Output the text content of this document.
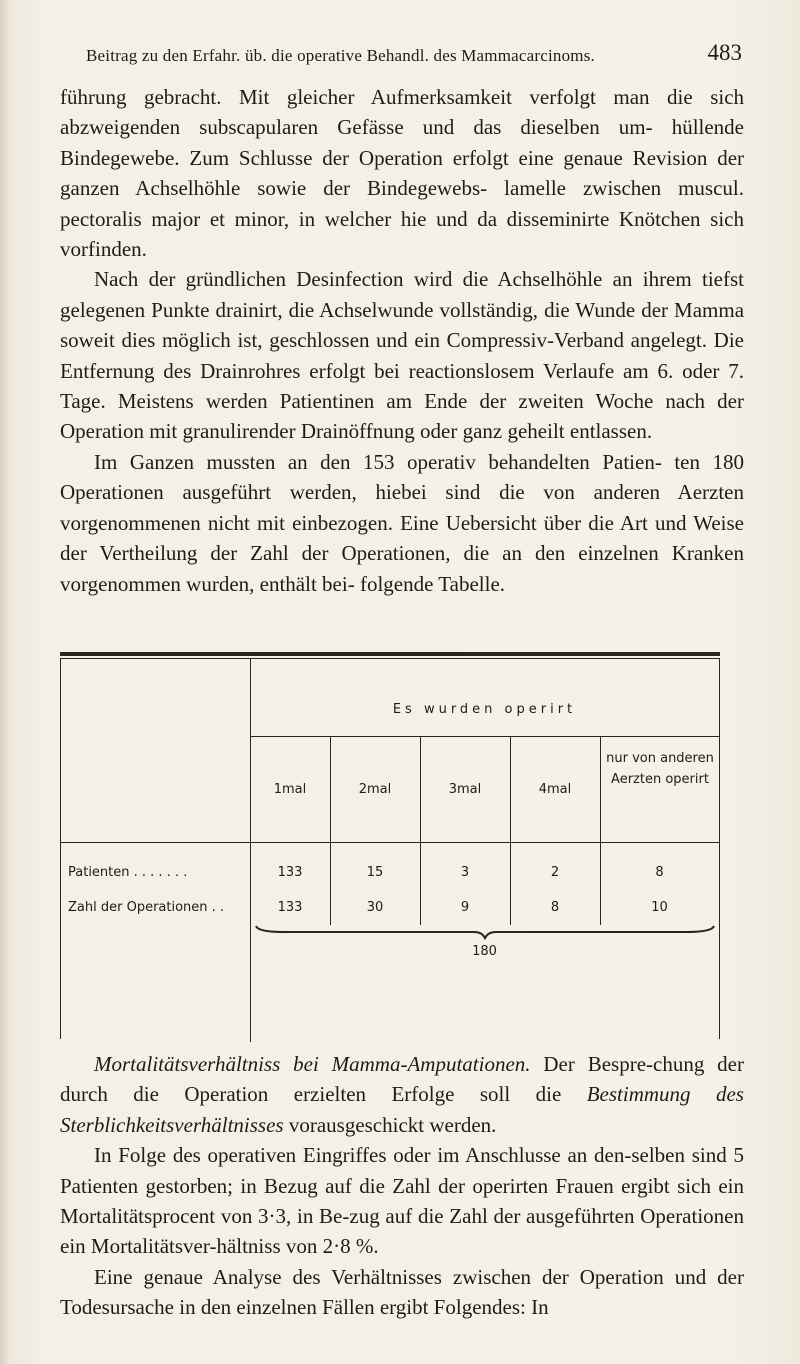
Beitrag zu den Erfahr. üb. die operative Behandl. des Mammacarcinoms.	483

führung gebracht. Mit gleicher Aufmerksamkeit verfolgt man die sich abzweigenden subscapularen Gefässe und das dieselben um- hüllende Bindegewebe. Zum Schlusse der Operation erfolgt eine genaue Revision der ganzen Achselhöhle sowie der Bindegewebs- lamelle zwischen muscul. pectoralis major et minor, in welcher hie und da disseminirte Knötchen sich vorfinden.

Nach der gründlichen Desinfection wird die Achselhöhle an ihrem tiefst gelegenen Punkte drainirt, die Achselwunde vollständig, die Wunde der Mamma soweit dies möglich ist, geschlossen und ein Compressiv-Verband angelegt. Die Entfernung des Drainrohres erfolgt bei reactionslosem Verlaufe am 6. oder 7. Tage. Meistens werden Patientinen am Ende der zweiten Woche nach der Operation mit granulirender Drainöffnung oder ganz geheilt entlassen.

Im Ganzen mussten an den 153 operativ behandelten Patien- ten 180 Operationen ausgeführt werden, hiebei sind die von anderen Aerzten vorgenommenen nicht mit einbezogen. Eine Uebersicht über die Art und Weise der Vertheilung der Zahl der Operationen, die an den einzelnen Kranken vorgenommen wurden, enthält bei- folgende Tabelle.

Es wurden operirt
1mal	2mal	3mal	4mal
nur von anderen Aerzten operirt
Patienten . . . . . . .	133	15	3	2	8
Zahl der Operationen . .	133	30	9	8	10
180

Mortalitätsverhältniss bei Mamma-Amputationen. Der Bespre-chung der durch die Operation erzielten Erfolge soll die Bestimmung des Sterblichkeitsverhältnisses vorausgeschickt werden.

In Folge des operativen Eingriffes oder im Anschlusse an den-selben sind 5 Patienten gestorben; in Bezug auf die Zahl der operirten Frauen ergibt sich ein Mortalitätsprocent von 3·3, in Be-zug auf die Zahl der ausgeführten Operationen ein Mortalitätsver-hältniss von 2·8 %.

Eine genaue Analyse des Verhältnisses zwischen der Operation und der Todesursache in den einzelnen Fällen ergibt Folgendes: In
